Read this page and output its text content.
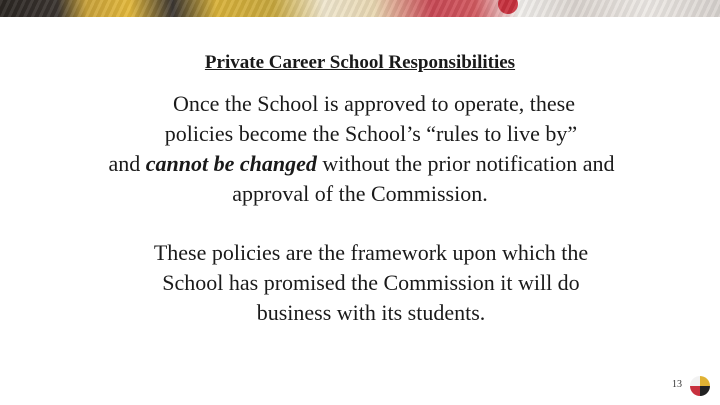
Private Career School Responsibilities
Once the School is approved to operate, these
policies become the School’s “rules to live by”
and cannot be changed without the prior notification and
approval of the Commission.
These policies are the framework upon which the
School has promised the Commission it will do
business with its students.
13
